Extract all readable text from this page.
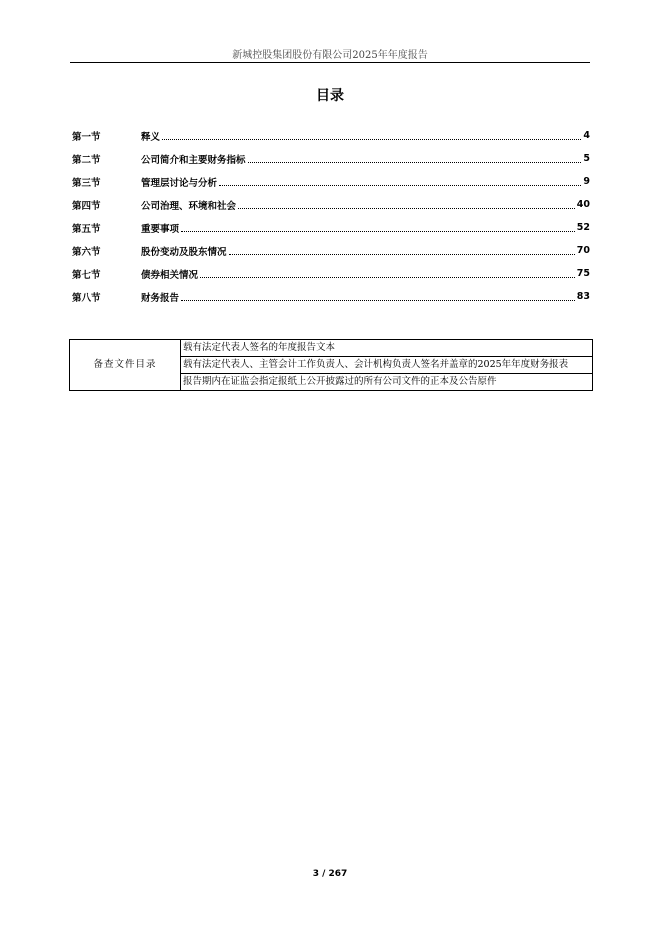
新城控股集团股份有限公司2025年年度报告
目录
第一节	释义	4
第二节	公司简介和主要财务指标	5
第三节	管理层讨论与分析	9
第四节	公司治理、环境和社会	40
第五节	重要事项	52
第六节	股份变动及股东情况	70
第七节	债券相关情况	75
第八节	财务报告	83
备查文件目录	载有法定代表人签名的年度报告文本
载有法定代表人、主管会计工作负责人、会计机构负责人签名并盖章的2025年年度财务报表
报告期内在证监会指定报纸上公开披露过的所有公司文件的正本及公告原件
3 / 267
